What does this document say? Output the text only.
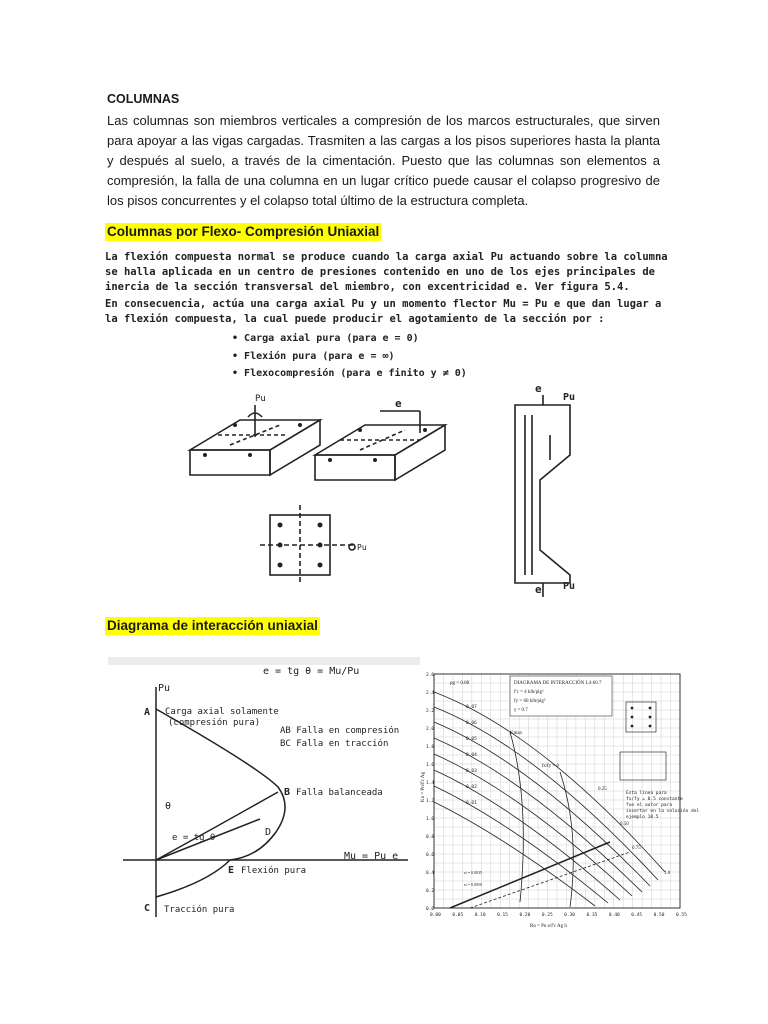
COLUMNAS
Las columnas son miembros verticales a compresión de los marcos estructurales, que sirven para apoyar a las vigas cargadas. Trasmiten a las cargas a los pisos superiores hasta la planta y después al suelo, a través de la cimentación. Puesto que las columnas son elementos a compresión, la falla de una columna en un lugar crítico puede causar el colapso progresivo de los pisos concurrentes y el colapso total último de la estructura completa.
Columnas por Flexo- Compresión Uniaxial

La flexión compuesta normal se produce cuando la carga axial Pu actuando sobre la columna se halla aplicada en un centro de presiones contenido en uno de los ejes principales de inercia de la sección transversal del miembro, con excentricidad e. Ver figura 5.4.

En consecuencia, actúa una carga axial Pu y un momento flector Mu = Pu e que dan lugar a la flexión compuesta, la cual puede producir el agotamiento de la sección por :

• Carga axial pura (para e = 0)
• Flexión pura (para e = ∞)
• Flexocompresión (para e finito y ≠ 0)
Pu	e
Pu
e
Pu
e Pu
Diagrama de interacción uniaxial
e = tg θ = Mu/Pu
Pu
Mu = Pu e
A Carga axial solamente
(compresión pura)
AB Falla en compresión
BC Falla en tracción
B Falla balanceada
D
θ
e = tg θ
E Flexión pura
C Tracción pura
DIAGRAMA DE INTERACCIÓN L4-60.7
f'c = 4 klb/plg²
fy = 60 klb/plg²
γ = 0.7
ρg = 0.08
Kmax
fs/fy = 0
0.25
0.50
0.75
1.0
Esta línea para
fs/fy = 0.5 constante
fue el autor para
insertar en la solución del
ejemplo 10.5
εt = 0.0035
εt = 0.0050
0.07
0.06
0.05
0.04
0.03
0.02
0.01
2.6
2.4
2.2
2.0
1.8
1.6
1.4
1.2
1.0
0.8
0.6
0.4
0.2
0.0
0.00	0.05	0.10	0.15	0.20	0.25	0.30	0.35	0.40	0.45	0.50	0.55
Kn = Pn/f'c Ag
Rn = Pn e/f'c Ag h
